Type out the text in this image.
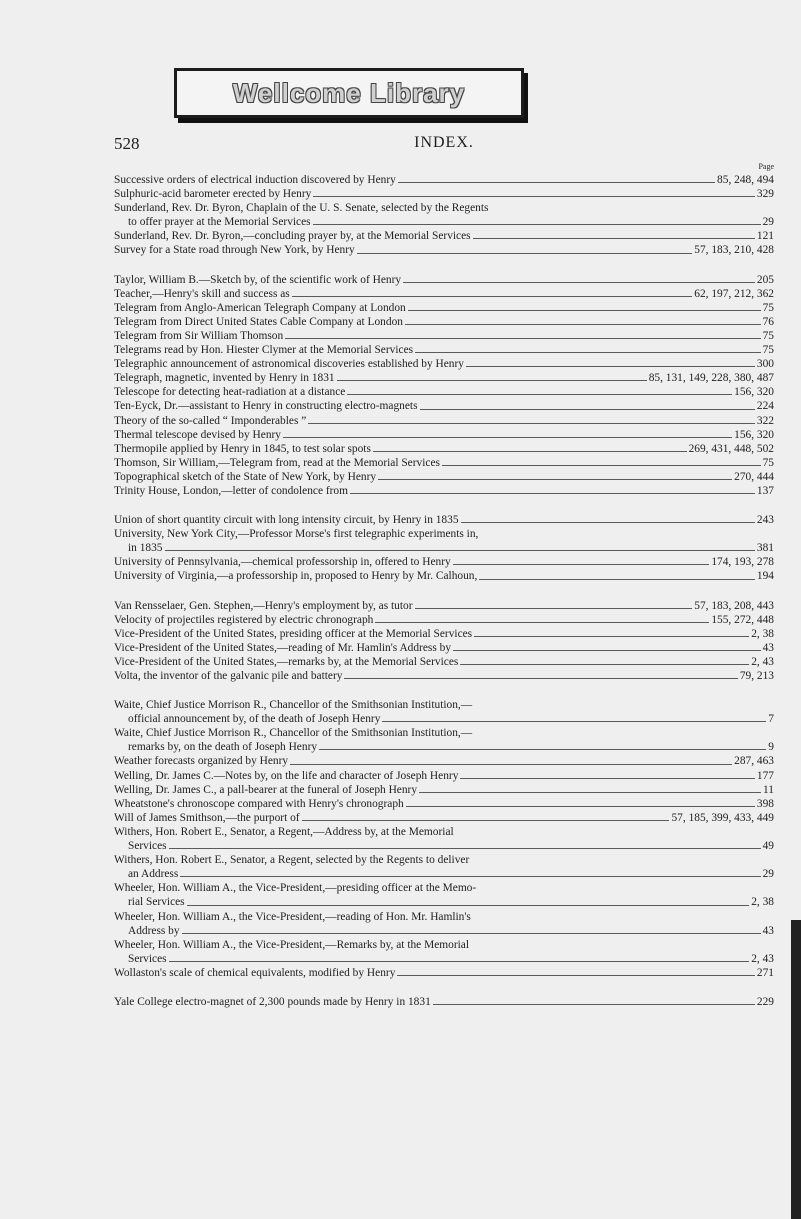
Wellcome Library
528	INDEX.
Page
Successive orders of electrical induction discovered by Henry	85, 248, 494
Sulphuric-acid barometer erected by Henry	329
Sunderland, Rev. Dr. Byron, Chaplain of the U. S. Senate, selected by the Regents
to offer prayer at the Memorial Services	29
Sunderland, Rev. Dr. Byron,—concluding prayer by, at the Memorial Services	121
Survey for a State road through New York, by Henry	57, 183, 210, 428
Taylor, William B.—Sketch by, of the scientific work of Henry	205
Teacher,—Henry's skill and success as	62, 197, 212, 362
Telegram from Anglo-American Telegraph Company at London	75
Telegram from Direct United States Cable Company at London	76
Telegram from Sir William Thomson	75
Telegrams read by Hon. Hiester Clymer at the Memorial Services	75
Telegraphic announcement of astronomical discoveries established by Henry	300
Telegraph, magnetic, invented by Henry in 1831	85, 131, 149, 228, 380, 487
Telescope for detecting heat-radiation at a distance	156, 320
Ten-Eyck, Dr.—assistant to Henry in constructing electro-magnets	224
Theory of the so-called “ Imponderables ”	322
Thermal telescope devised by Henry	156, 320
Thermopile applied by Henry in 1845, to test solar spots	269, 431, 448, 502
Thomson, Sir William,—Telegram from, read at the Memorial Services	75
Topographical sketch of the State of New York, by Henry	270, 444
Trinity House, London,—letter of condolence from	137
Union of short quantity circuit with long intensity circuit, by Henry in 1835	243
University, New York City,—Professor Morse's first telegraphic experiments in,
in 1835	381
University of Pennsylvania,—chemical professorship in, offered to Henry	174, 193, 278
University of Virginia,—a professorship in, proposed to Henry by Mr. Calhoun,	194
Van Rensselaer, Gen. Stephen,—Henry's employment by, as tutor	57, 183, 208, 443
Velocity of projectiles registered by electric chronograph	155, 272, 448
Vice-President of the United States, presiding officer at the Memorial Services	2, 38
Vice-President of the United States,—reading of Mr. Hamlin's Address by	43
Vice-President of the United States,—remarks by, at the Memorial Services	2, 43
Volta, the inventor of the galvanic pile and battery	79, 213
Waite, Chief Justice Morrison R., Chancellor of the Smithsonian Institution,—
official announcement by, of the death of Joseph Henry	7
Waite, Chief Justice Morrison R., Chancellor of the Smithsonian Institution,—
remarks by, on the death of Joseph Henry	9
Weather forecasts organized by Henry	287, 463
Welling, Dr. James C.—Notes by, on the life and character of Joseph Henry	177
Welling, Dr. James C., a pall-bearer at the funeral of Joseph Henry	11
Wheatstone's chronoscope compared with Henry's chronograph	398
Will of James Smithson,—the purport of	57, 185, 399, 433, 449
Withers, Hon. Robert E., Senator, a Regent,—Address by, at the Memorial
Services	49
Withers, Hon. Robert E., Senator, a Regent, selected by the Regents to deliver
an Address	29
Wheeler, Hon. William A., the Vice-President,—presiding officer at the Memo-
rial Services	2, 38
Wheeler, Hon. William A., the Vice-President,—reading of Hon. Mr. Hamlin's
Address by	43
Wheeler, Hon. William A., the Vice-President,—Remarks by, at the Memorial
Services	2, 43
Wollaston's scale of chemical equivalents, modified by Henry	271
Yale College electro-magnet of 2,300 pounds made by Henry in 1831	229
